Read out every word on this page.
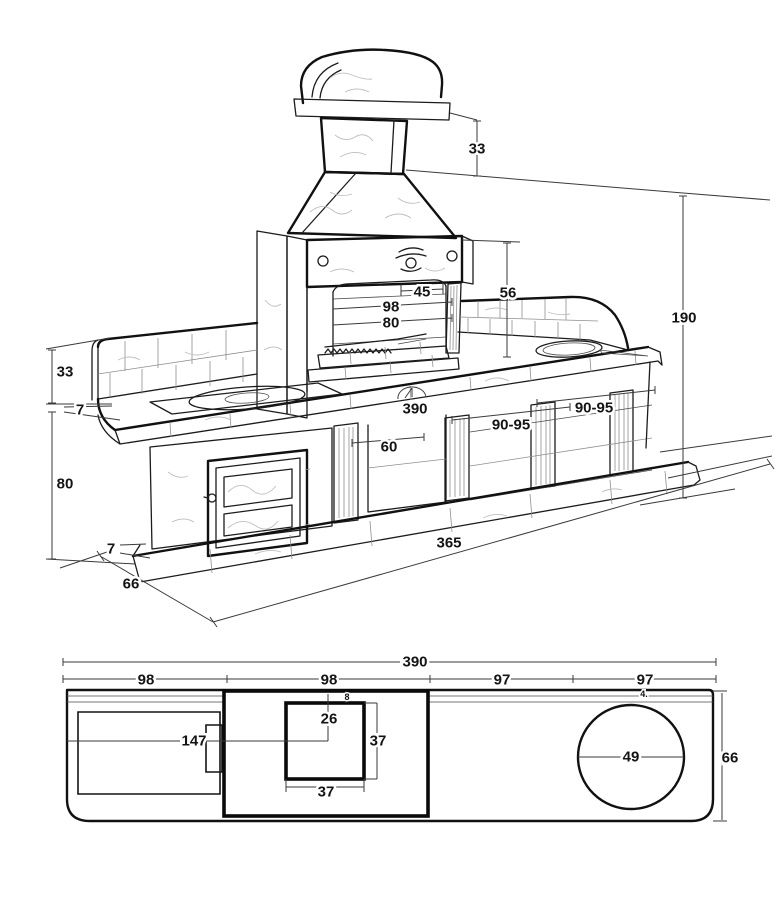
33
190
56
45
98
80
390
60
90-95
90-95
365
33
7
80
7
66
390
98	98	97	97
4.
26
8
147	37
37
49	66
